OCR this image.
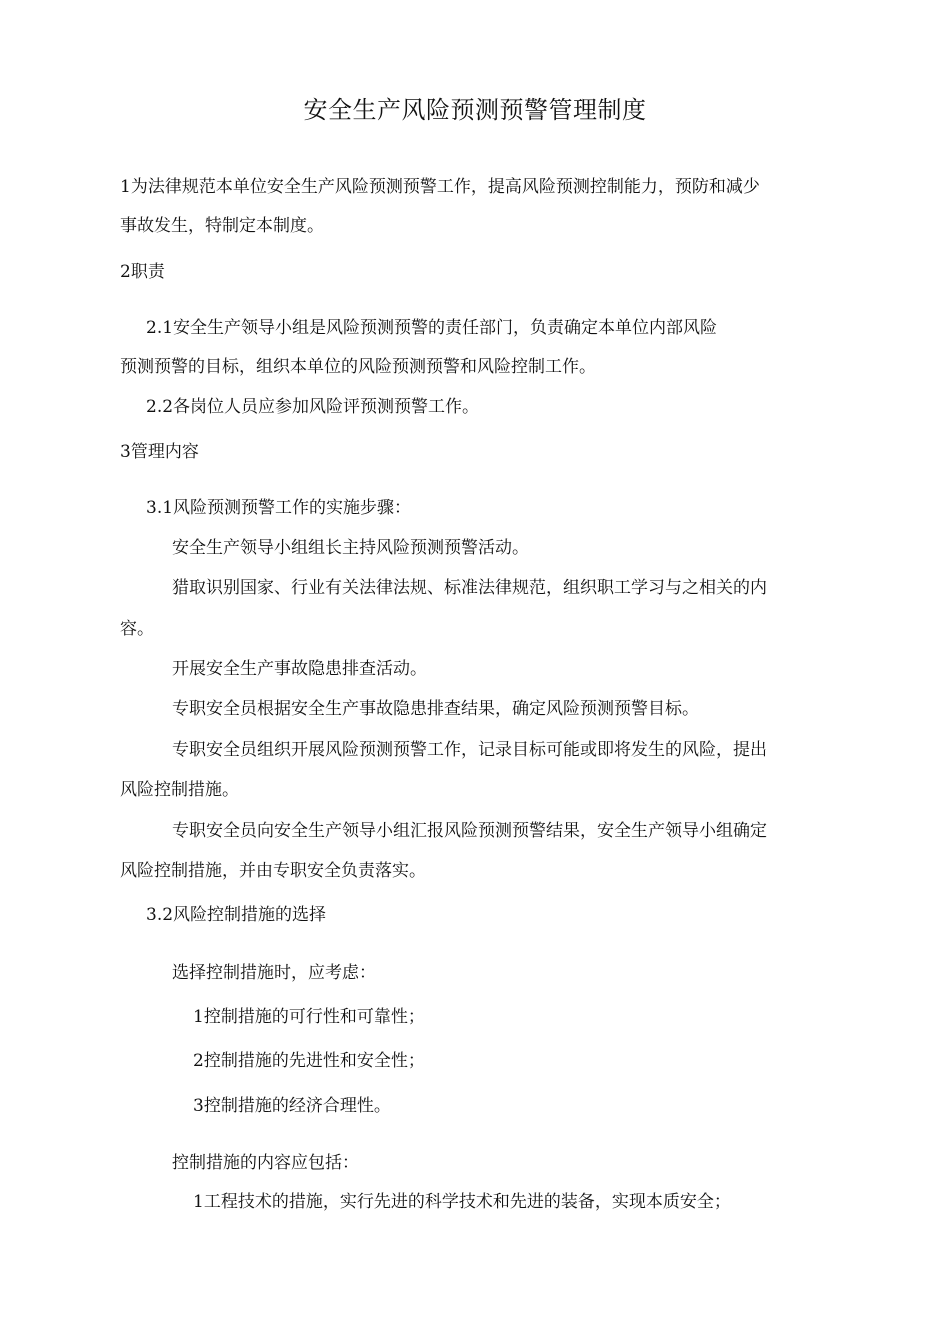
安全生产风险预测预警管理制度
1为法律规范本单位安全生产风险预测预警工作，提高风险预测控制能力，预防和减少
事故发生，特制定本制度。
2职责
2.1安全生产领导小组是风险预测预警的责任部门，负责确定本单位内部风险
预测预警的目标，组织本单位的风险预测预警和风险控制工作。
2.2各岗位人员应参加风险评预测预警工作。
3管理内容
3.1风险预测预警工作的实施步骤：
安全生产领导小组组长主持风险预测预警活动。
猎取识别国家、行业有关法律法规、标准法律规范，组织职工学习与之相关的内
容。
开展安全生产事故隐患排查活动。
专职安全员根据安全生产事故隐患排查结果，确定风险预测预警目标。
专职安全员组织开展风险预测预警工作，记录目标可能或即将发生的风险，提出
风险控制措施。
专职安全员向安全生产领导小组汇报风险预测预警结果，安全生产领导小组确定
风险控制措施，并由专职安全负责落实。
3.2风险控制措施的选择
选择控制措施时，应考虑：
1控制措施的可行性和可靠性；
2控制措施的先进性和安全性；
3控制措施的经济合理性。
控制措施的内容应包括：
1工程技术的措施，实行先进的科学技术和先进的装备，实现本质安全；
